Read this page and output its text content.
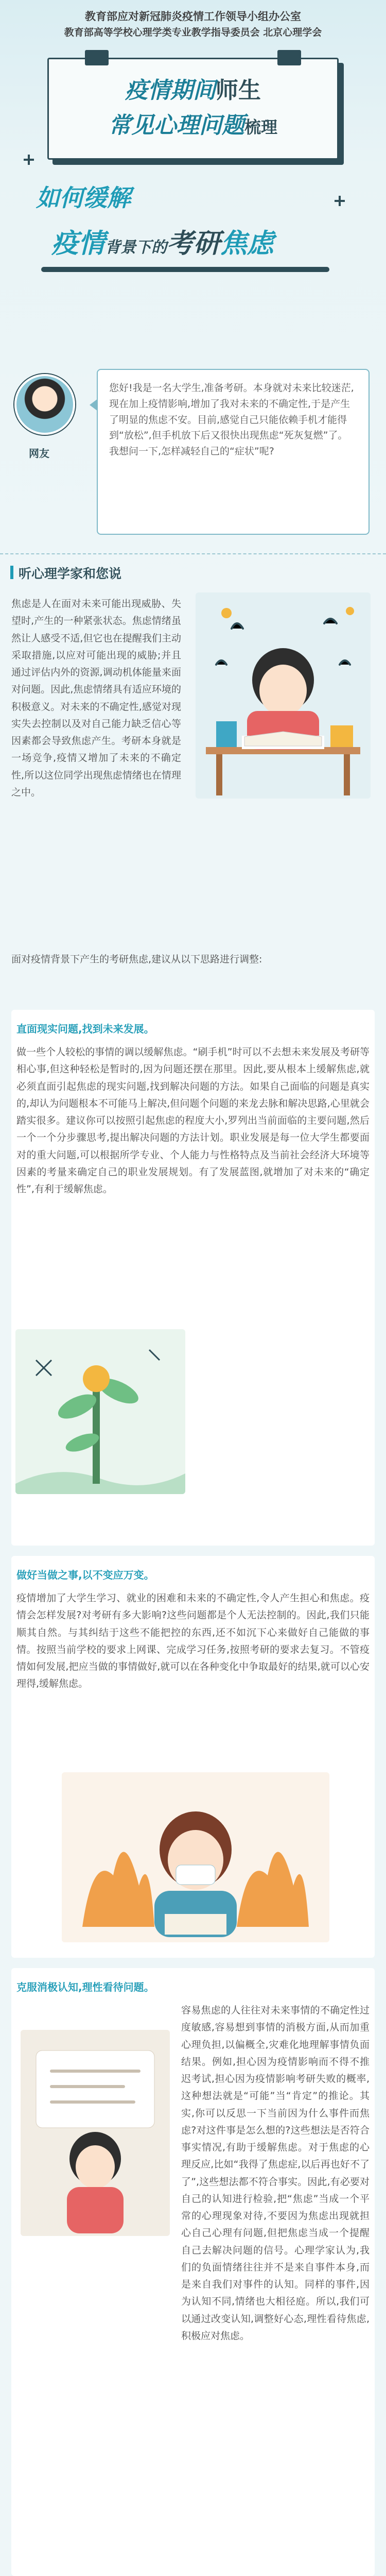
教育部应对新冠肺炎疫情工作领导小组办公室
教育部高等学校心理学类专业教学指导委员会 北京心理学会
疫情期间师生
常见心理问题梳理
如何缓解
疫情背景下的考研焦虑
网友
您好!我是一名大学生,准备考研。本身就对未来比较迷茫,现在加上疫情影响,增加了我对未来的不确定性,于是产生了明显的焦虑不安。目前,感觉自己只能依赖手机才能得到“放松”,但手机放下后又很快出现焦虑“死灰复燃”了。我想问一下,怎样减轻自己的“症状”呢?
听心理学家和您说
焦虑是人在面对未来可能出现威胁、失望时,产生的一种紧张状态。焦虑情绪虽然让人感受不适,但它也在提醒我们主动采取措施,以应对可能出现的威胁;并且通过评估内外的资源,调动机体能量来面对问题。因此,焦虑情绪具有适应环境的积极意义。对未来的不确定性,感觉对现实失去控制以及对自己能力缺乏信心等因素都会导致焦虑产生。考研本身就是一场竞争,疫情又增加了未来的不确定性,所以这位同学出现焦虑情绪也在情理之中。
面对疫情背景下产生的考研焦虑,建议从以下思路进行调整:
直面现实问题,找到未来发展。
做一些个人较松的事情的调以缓解焦虑。“刷手机”时可以不去想未来发展及考研等相心事,但这种轻松是暂时的,因为问题还摆在那里。因此,要从根本上缓解焦虑,就必须直面引起焦虑的现实问题,找到解决问题的方法。如果自己面临的问题是真实的,却认为问题根本不可能马上解决,但问题个问题的来龙去脉和解决思路,心里就会踏实很多。建议你可以按照引起焦虑的程度大小,罗列出当前面临的主要问题,然后一个一个分步骤思考,提出解决问题的方法计划。职业发展是每一位大学生都要面对的重大问题,可以根据所学专业、个人能力与性格特点及当前社会经济大环境等因素的考量来确定自己的职业发展规划。有了发展蓝图,就增加了对未来的“确定性”,有利于缓解焦虑。
做好当做之事,以不变应万变。
疫情增加了大学生学习、就业的困难和未来的不确定性,令人产生担心和焦虑。疫情会怎样发展?对考研有多大影响?这些问题都是个人无法控制的。因此,我们只能顺其自然。与其纠结于这些不能把控的东西,还不如沉下心来做好自己能做的事情。按照当前学校的要求上网课、完成学习任务,按照考研的要求去复习。不管疫情如何发展,把应当做的事情做好,就可以在各种变化中争取最好的结果,就可以心安理得,缓解焦虑。
克服消极认知,理性看待问题。
容易焦虑的人往往对未来事情的不确定性过度敏感,容易想到事情的消极方面,从而加重心理负担,以偏概全,灾难化地理解事情负面结果。例如,担心因为疫情影响而不得不推迟考试,担心因为疫情影响考研失败的概率,这种想法就是“可能”当“肯定”的推论。其实,你可以反思一下当前因为什么事件而焦虑?对这件事是怎么想的?这些想法是否符合事实情况,有助于缓解焦虑。对于焦虑的心理反应,比如“我得了焦虑症,以后再也好不了了”,这些想法都不符合事实。因此,有必要对自己的认知进行检验,把“焦虑”当成一个平常的心理现象对待,不要因为焦虑出现就担心自己心理有问题,但把焦虑当成一个提醒自己去解决问题的信号。心理学家认为,我们的负面情绪往往并不是来自事件本身,而是来自我们对事件的认知。同样的事件,因为认知不同,情绪也大相径庭。所以,我们可以通过改变认知,调整好心态,理性看待焦虑,积极应对焦虑。
